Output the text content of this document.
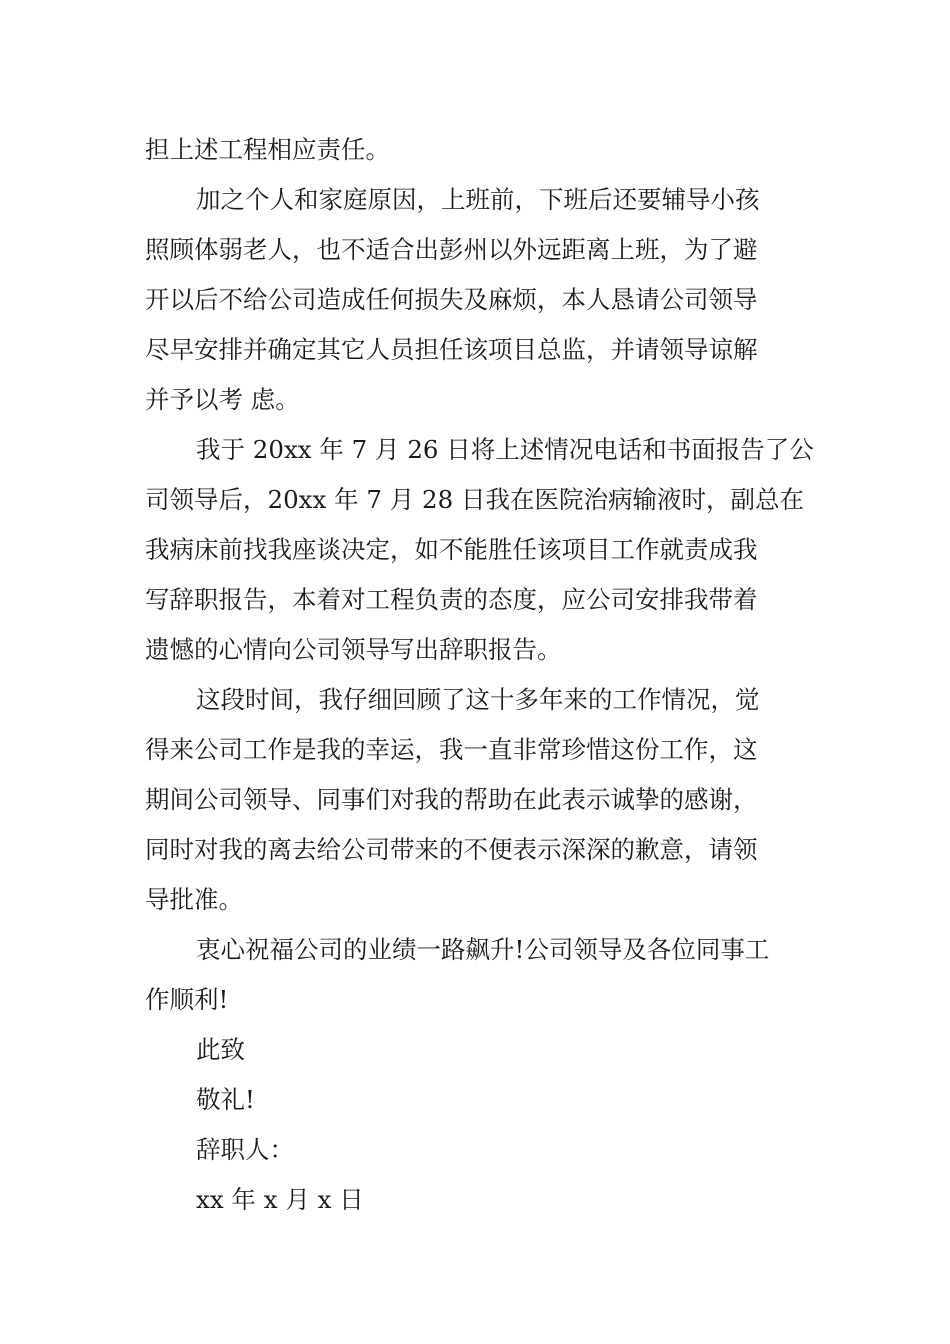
担上述工程相应责任。
加之个人和家庭原因，上班前，下班后还要辅导小孩
照顾体弱老人，也不适合出彭州以外远距离上班，为了避
开以后不给公司造成任何损失及麻烦，本人恳请公司领导
尽早安排并确定其它人员担任该项目总监，并请领导谅解
并予以考 虑。
我于 20xx 年 7 月 26 日将上述情况电话和书面报告了公
司领导后，20xx 年 7 月 28 日我在医院治病输液时，副总在
我病床前找我座谈决定，如不能胜任该项目工作就责成我
写辞职报告，本着对工程负责的态度，应公司安排我带着
遗憾的心情向公司领导写出辞职报告。
这段时间，我仔细回顾了这十多年来的工作情况，觉
得来公司工作是我的幸运，我一直非常珍惜这份工作，这
期间公司领导、同事们对我的帮助在此表示诚挚的感谢，
同时对我的离去给公司带来的不便表示深深的歉意，请领
导批准。
衷心祝福公司的业绩一路飙升!公司领导及各位同事工
作顺利!
此致
敬礼!
辞职人：
xx 年 x 月 x 日
